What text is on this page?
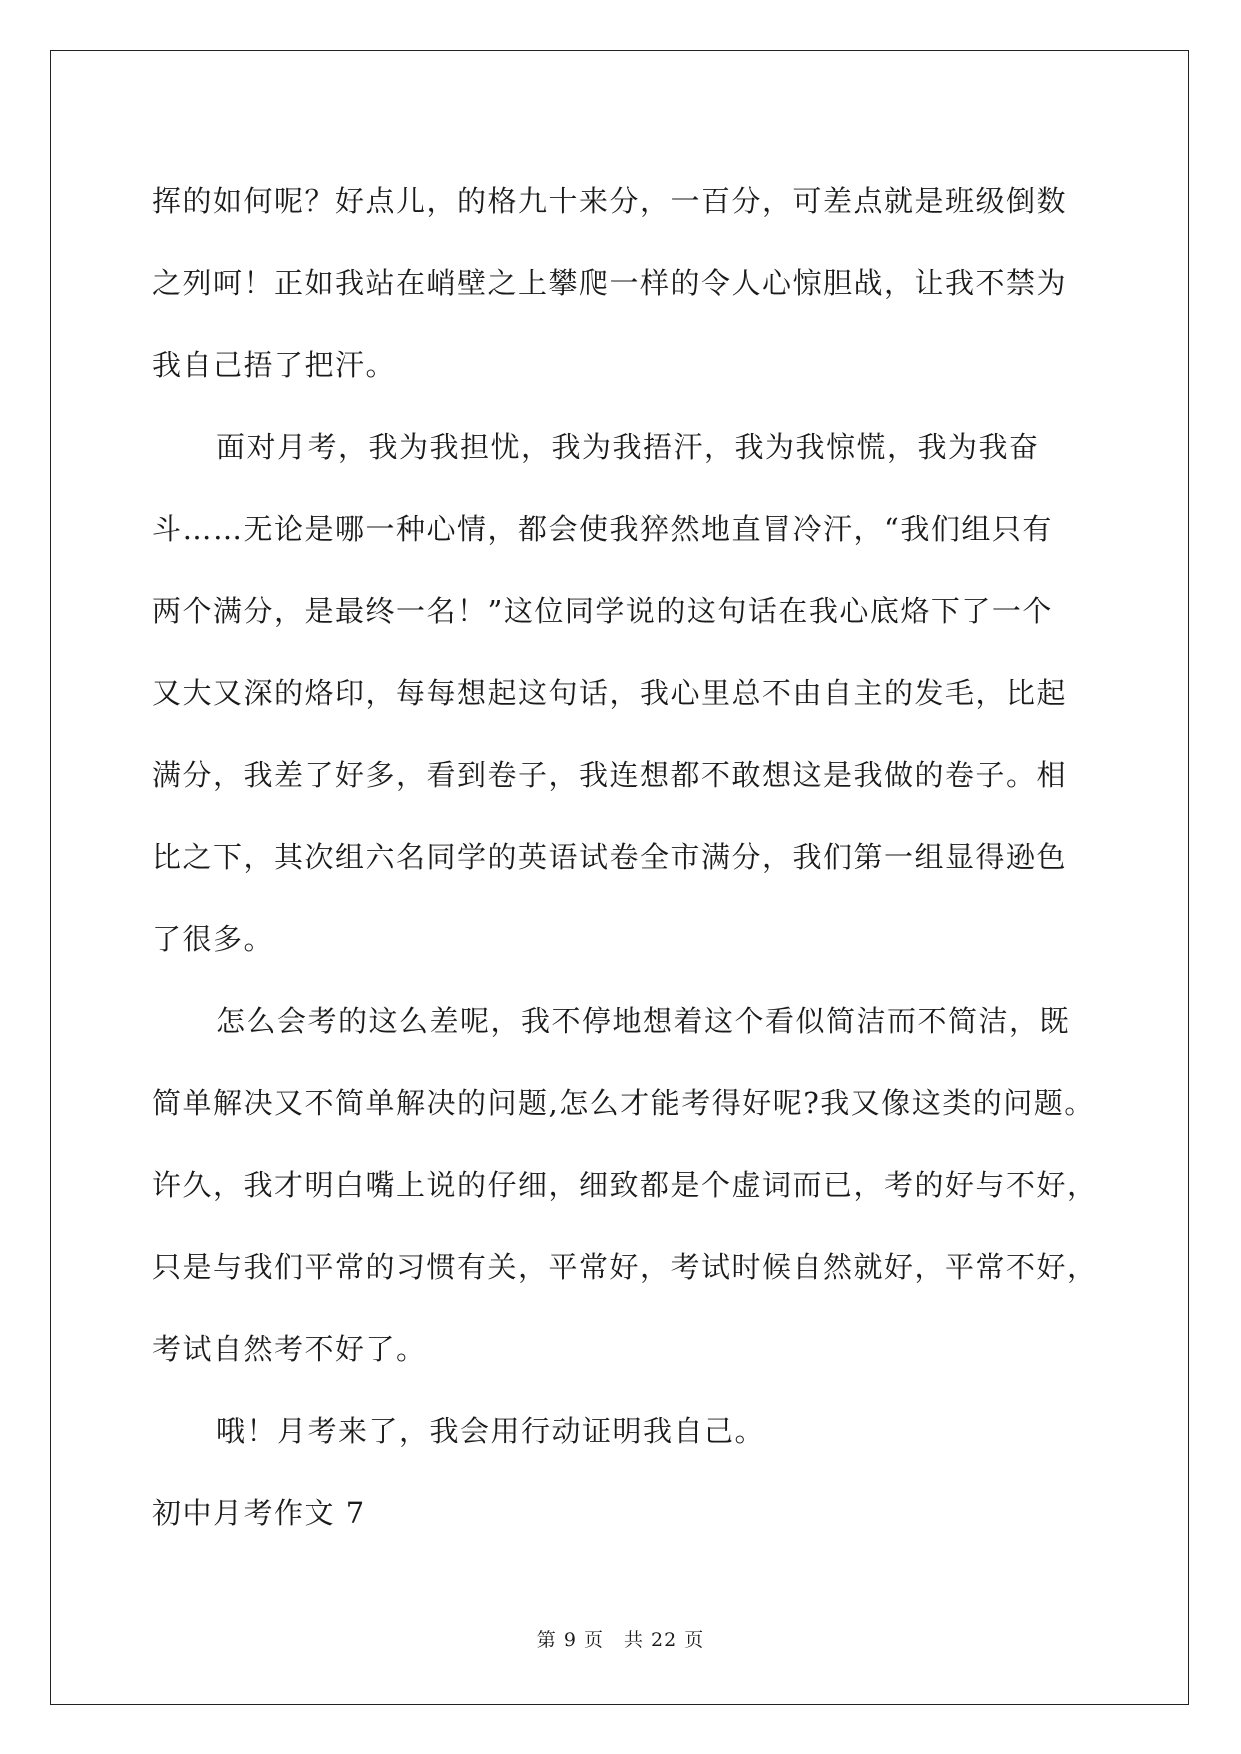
挥的如何呢？好点儿，的格九十来分，一百分，可差点就是班级倒数
之列呵！正如我站在峭壁之上攀爬一样的令人心惊胆战，让我不禁为
我自己捂了把汗。
面对月考，我为我担忧，我为我捂汗，我为我惊慌，我为我奋
斗……无论是哪一种心情，都会使我猝然地直冒冷汗，“我们组只有
两个满分，是最终一名！”这位同学说的这句话在我心底烙下了一个
又大又深的烙印，每每想起这句话，我心里总不由自主的发毛，比起
满分，我差了好多，看到卷子，我连想都不敢想这是我做的卷子。相
比之下，其次组六名同学的英语试卷全市满分，我们第一组显得逊色
了很多。
怎么会考的这么差呢，我不停地想着这个看似简洁而不简洁，既
简单解决又不简单解决的问题,怎么才能考得好呢?我又像这类的问题。
许久，我才明白嘴上说的仔细，细致都是个虚词而已，考的好与不好，
只是与我们平常的习惯有关，平常好，考试时候自然就好，平常不好，
考试自然考不好了。
哦！月考来了，我会用行动证明我自己。
初中月考作文 7
第 9 页　共 22 页
